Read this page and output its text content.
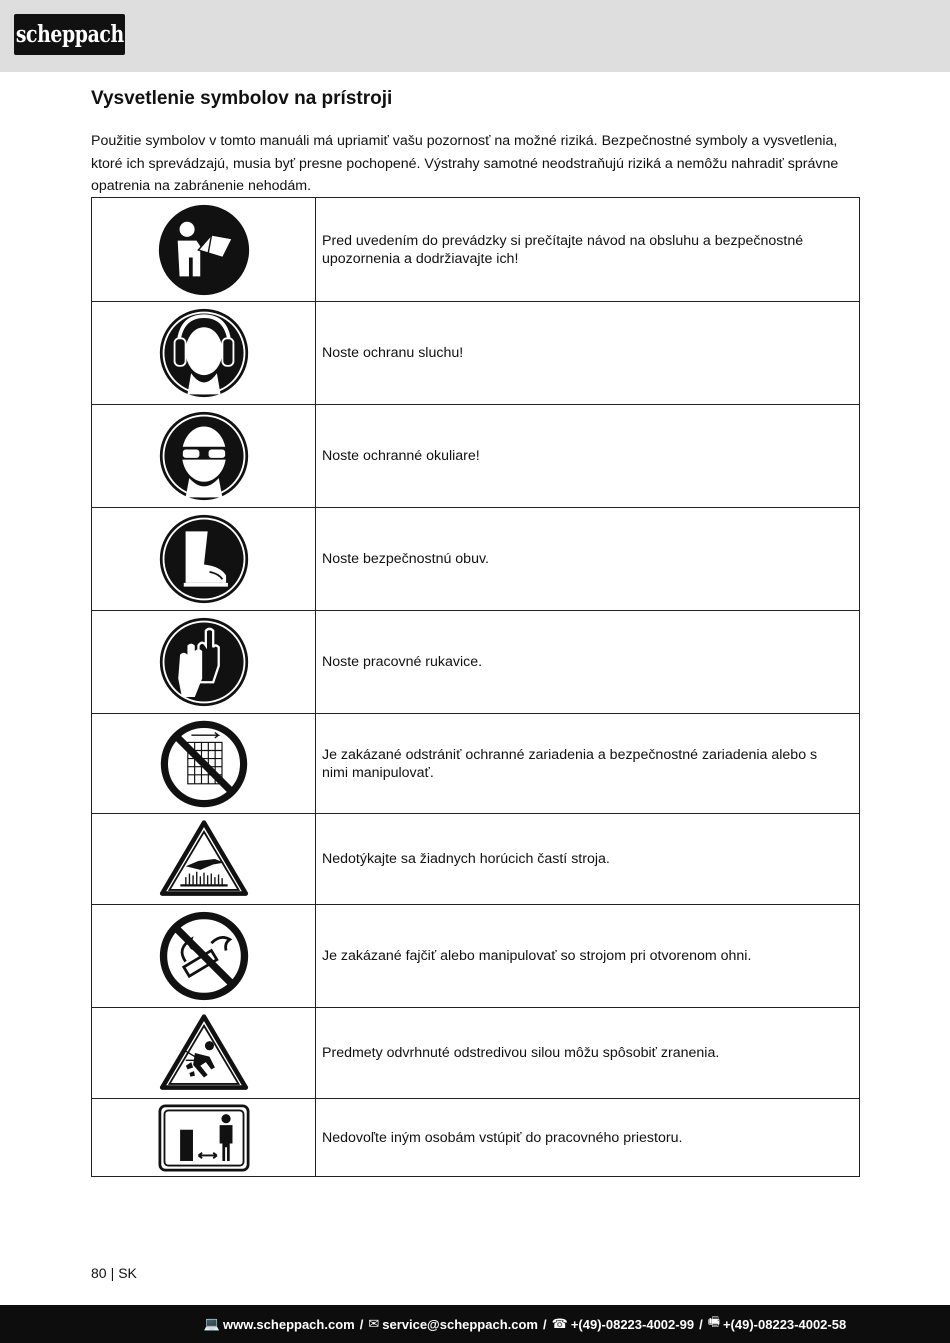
scheppach
Vysvetlenie symbolov na prístroji

Použitie symbolov v tomto manuáli má upriamiť vašu pozornosť na možné riziká. Bezpečnostné symboly a vysvetlenia, ktoré ich sprevádzajú, musia byť presne pochopené. Výstrahy samotné neodstraňujú riziká a nemôžu nahradiť správne opatrenia na zabránenie nehodám.

	Pred uvedením do prevádzky si prečítajte návod na obsluhu a bezpečnostné upozornenia a dodržiavajte ich!

	Noste ochranu sluchu!

	Noste ochranné okuliare!

	Noste bezpečnostnú obuv.

	Noste pracovné rukavice.

	Je zakázané odstrániť ochranné zariadenia a bezpečnostné zariadenia alebo s nimi manipulovať.

	Nedotýkajte sa žiadnych horúcich častí stroja.

	Je zakázané fajčiť alebo manipulovať so strojom pri otvorenom ohni.

	Predmety odvrhnuté odstredivou silou môžu spôsobiť zranenia.

	Nedovoľte iným osobám vstúpiť do pracovného priestoru.
80 | SK
💻 www.scheppach.com / ✉ service@scheppach.com / ☎ +(49)-08223-4002-99 / 🖷 +(49)-08223-4002-58
